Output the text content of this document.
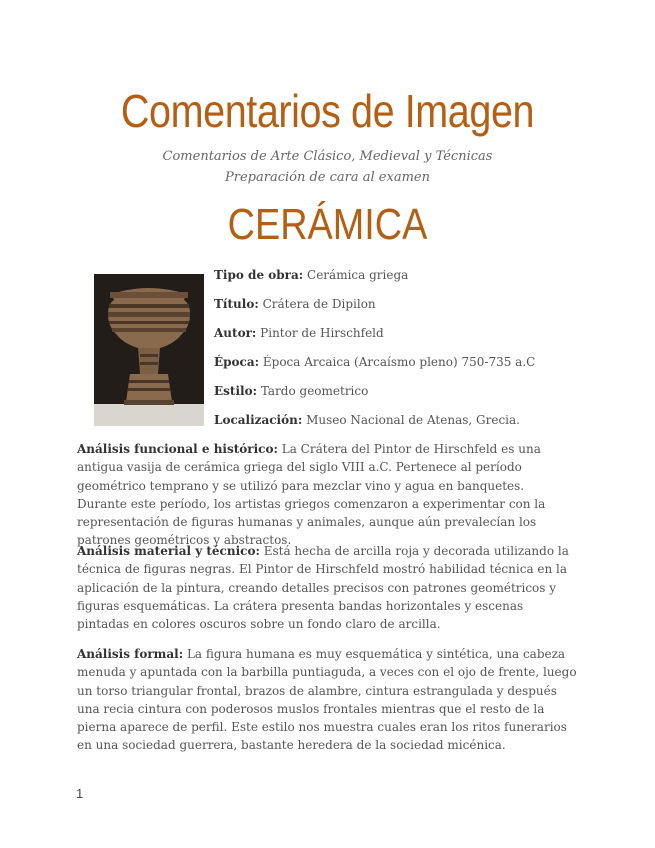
Comentarios de Imagen
Comentarios de Arte Clásico, Medieval y Técnicas
Preparación de cara al examen
CERÁMICA
Tipo de obra: Cerámica griega
Título: Crátera de Dipilon
Autor: Pintor de Hirschfeld
Época: Época Arcaica (Arcaísmo pleno) 750-735 a.C
Estilo: Tardo geometrico
Localización: Museo Nacional de Atenas, Grecia.

Análisis funcional e histórico: La Crátera del Pintor de Hirschfeld es una antigua vasija de cerámica griega del siglo VIII a.C. Pertenece al período geométrico temprano y se utilizó para mezclar vino y agua en banquetes. Durante este período, los artistas griegos comenzaron a experimentar con la representación de figuras humanas y animales, aunque aún prevalecían los patrones geométricos y abstractos.

Análisis material y técnico: Está hecha de arcilla roja y decorada utilizando la técnica de figuras negras. El Pintor de Hirschfeld mostró habilidad técnica en la aplicación de la pintura, creando detalles precisos con patrones geométricos y figuras esquemáticas. La crátera presenta bandas horizontales y escenas pintadas en colores oscuros sobre un fondo claro de arcilla.

Análisis formal: La figura humana es muy esquemática y sintética, una cabeza menuda y apuntada con la barbilla puntiaguda, a veces con el ojo de frente, luego un torso triangular frontal, brazos de alambre, cintura estrangulada y después una recia cintura con poderosos muslos frontales mientras que el resto de la pierna aparece de perfil. Este estilo nos muestra cuales eran los ritos funerarios en una sociedad guerrera, bastante heredera de la sociedad micénica.

1
